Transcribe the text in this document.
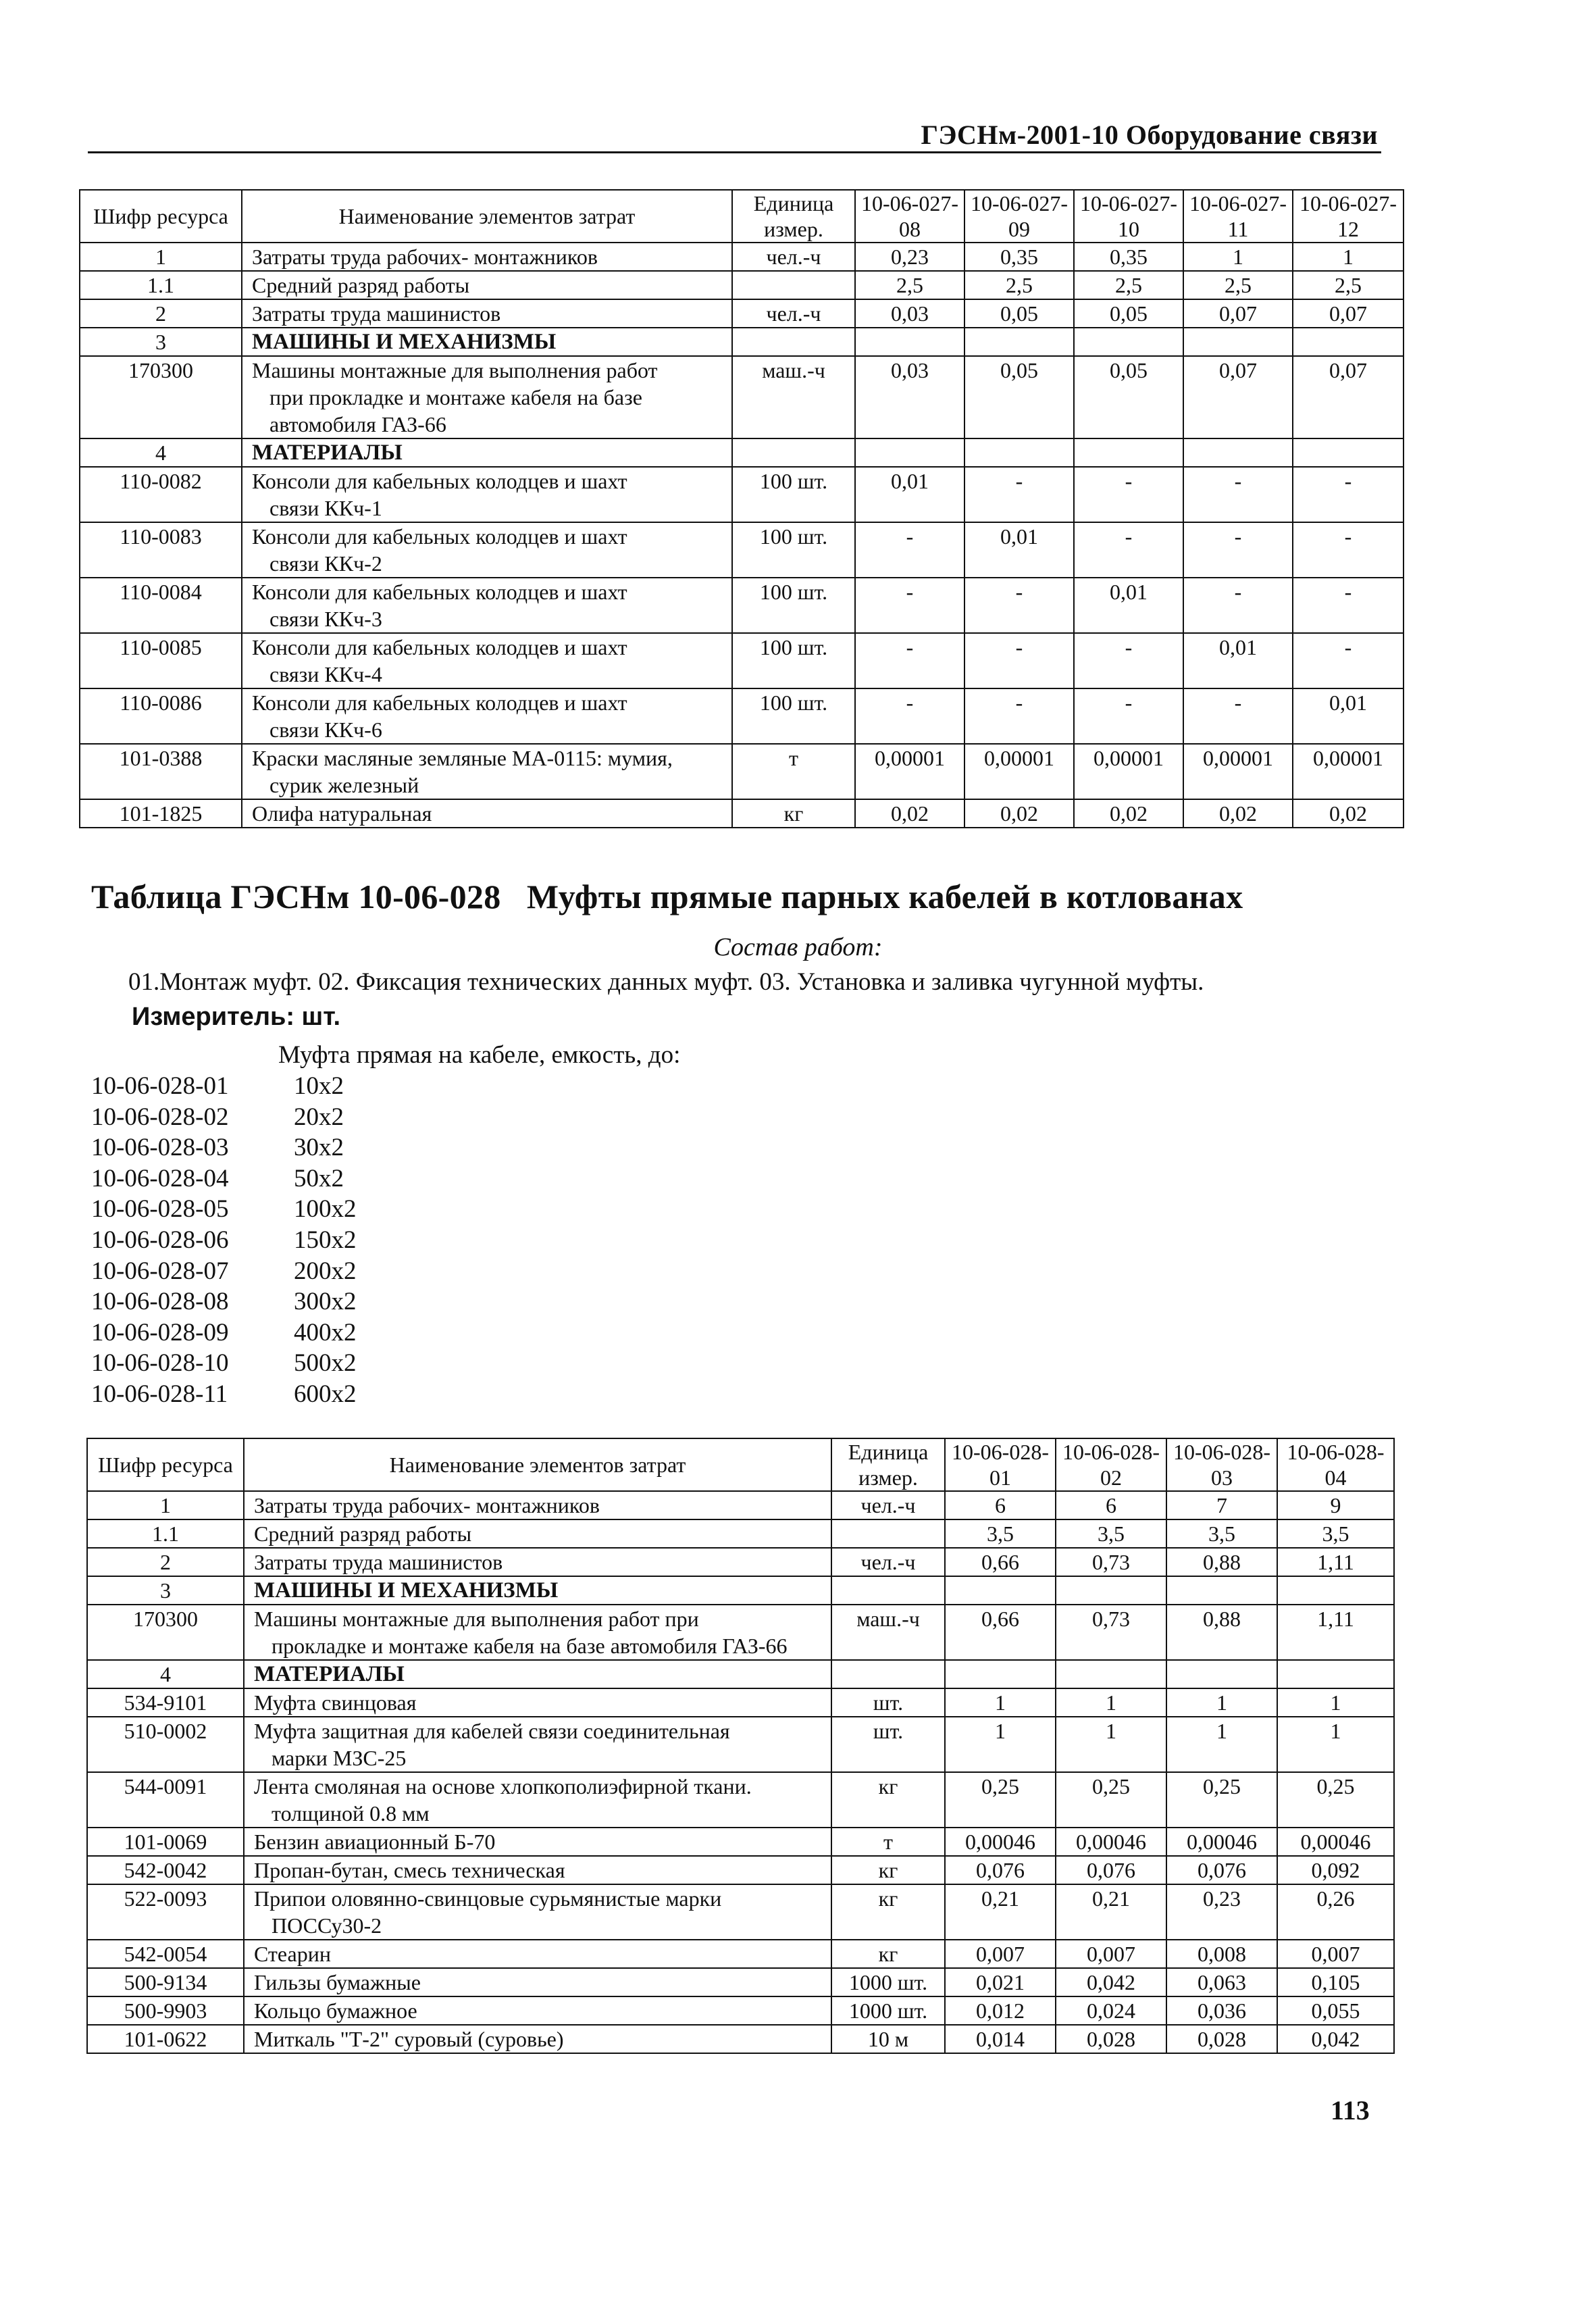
ГЭСНм-2001-10 Оборудование связи
Шифр ресурса	Наименование элементов затрат	Единица измер.	10-06-027-08	10-06-027-09	10-06-027-10	10-06-027-11	10-06-027-12
1	Затраты труда рабочих- монтажников	чел.-ч	0,23	0,35	0,35	1	1
1.1	Средний разряд работы		2,5	2,5	2,5	2,5	2,5
2	Затраты труда машинистов	чел.-ч	0,03	0,05	0,05	0,07	0,07
3	МАШИНЫ И МЕХАНИЗМЫ						
170300	Машины монтажные для выполнения работ
при прокладке и монтаже кабеля на базе автомобиля ГАЗ-66	маш.-ч	0,03	0,05	0,05	0,07	0,07
4	МАТЕРИАЛЫ						
110-0082	Консоли для кабельных колодцев и шахт
связи ККч-1	100 шт.	0,01	-	-	-	-
110-0083	Консоли для кабельных колодцев и шахт
связи ККч-2	100 шт.	-	0,01	-	-	-
110-0084	Консоли для кабельных колодцев и шахт
связи ККч-3	100 шт.	-	-	0,01	-	-
110-0085	Консоли для кабельных колодцев и шахт
связи ККч-4	100 шт.	-	-	-	0,01	-
110-0086	Консоли для кабельных колодцев и шахт
связи ККч-6	100 шт.	-	-	-	-	0,01
101-0388	Краски масляные земляные МА-0115: мумия,
сурик железный	т	0,00001	0,00001	0,00001	0,00001	0,00001
101-1825	Олифа натуральная	кг	0,02	0,02	0,02	0,02	0,02
Таблица ГЭСНм 10-06-028   Муфты прямые парных кабелей в котлованах
Состав работ:
01.Монтаж муфт. 02. Фиксация технических данных муфт. 03. Установка и заливка чугунной муфты.
Измеритель: шт.
Муфта прямая на кабеле, емкость, до:
10-06-028-01	10х2
10-06-028-02	20х2
10-06-028-03	30х2
10-06-028-04	50х2
10-06-028-05	100х2
10-06-028-06	150х2
10-06-028-07	200х2
10-06-028-08	300х2
10-06-028-09	400х2
10-06-028-10	500х2
10-06-028-11	600х2
Шифр ресурса	Наименование элементов затрат	Единица измер.	10-06-028-01	10-06-028-02	10-06-028-03	10-06-028-04
1	Затраты труда рабочих- монтажников	чел.-ч	6	6	7	9
1.1	Средний разряд работы		3,5	3,5	3,5	3,5
2	Затраты труда машинистов	чел.-ч	0,66	0,73	0,88	1,11
3	МАШИНЫ И МЕХАНИЗМЫ					
170300	Машины монтажные для выполнения работ при
прокладке и монтаже кабеля на базе автомобиля ГАЗ-66	маш.-ч	0,66	0,73	0,88	1,11
4	МАТЕРИАЛЫ					
534-9101	Муфта свинцовая	шт.	1	1	1	1
510-0002	Муфта защитная для кабелей связи соединительная
марки МЗС-25	шт.	1	1	1	1
544-0091	Лента смоляная на основе хлопкополиэфирной ткани.
толщиной 0.8 мм	кг	0,25	0,25	0,25	0,25
101-0069	Бензин авиационный Б-70	т	0,00046	0,00046	0,00046	0,00046
542-0042	Пропан-бутан, смесь техническая	кг	0,076	0,076	0,076	0,092
522-0093	Припои оловянно-свинцовые сурьмянистые марки
ПОССу30-2	кг	0,21	0,21	0,23	0,26
542-0054	Стеарин	кг	0,007	0,007	0,008	0,007
500-9134	Гильзы бумажные	1000 шт.	0,021	0,042	0,063	0,105
500-9903	Кольцо бумажное	1000 шт.	0,012	0,024	0,036	0,055
101-0622	Миткаль "Т-2" суровый (суровье)	10 м	0,014	0,028	0,028	0,042
113
